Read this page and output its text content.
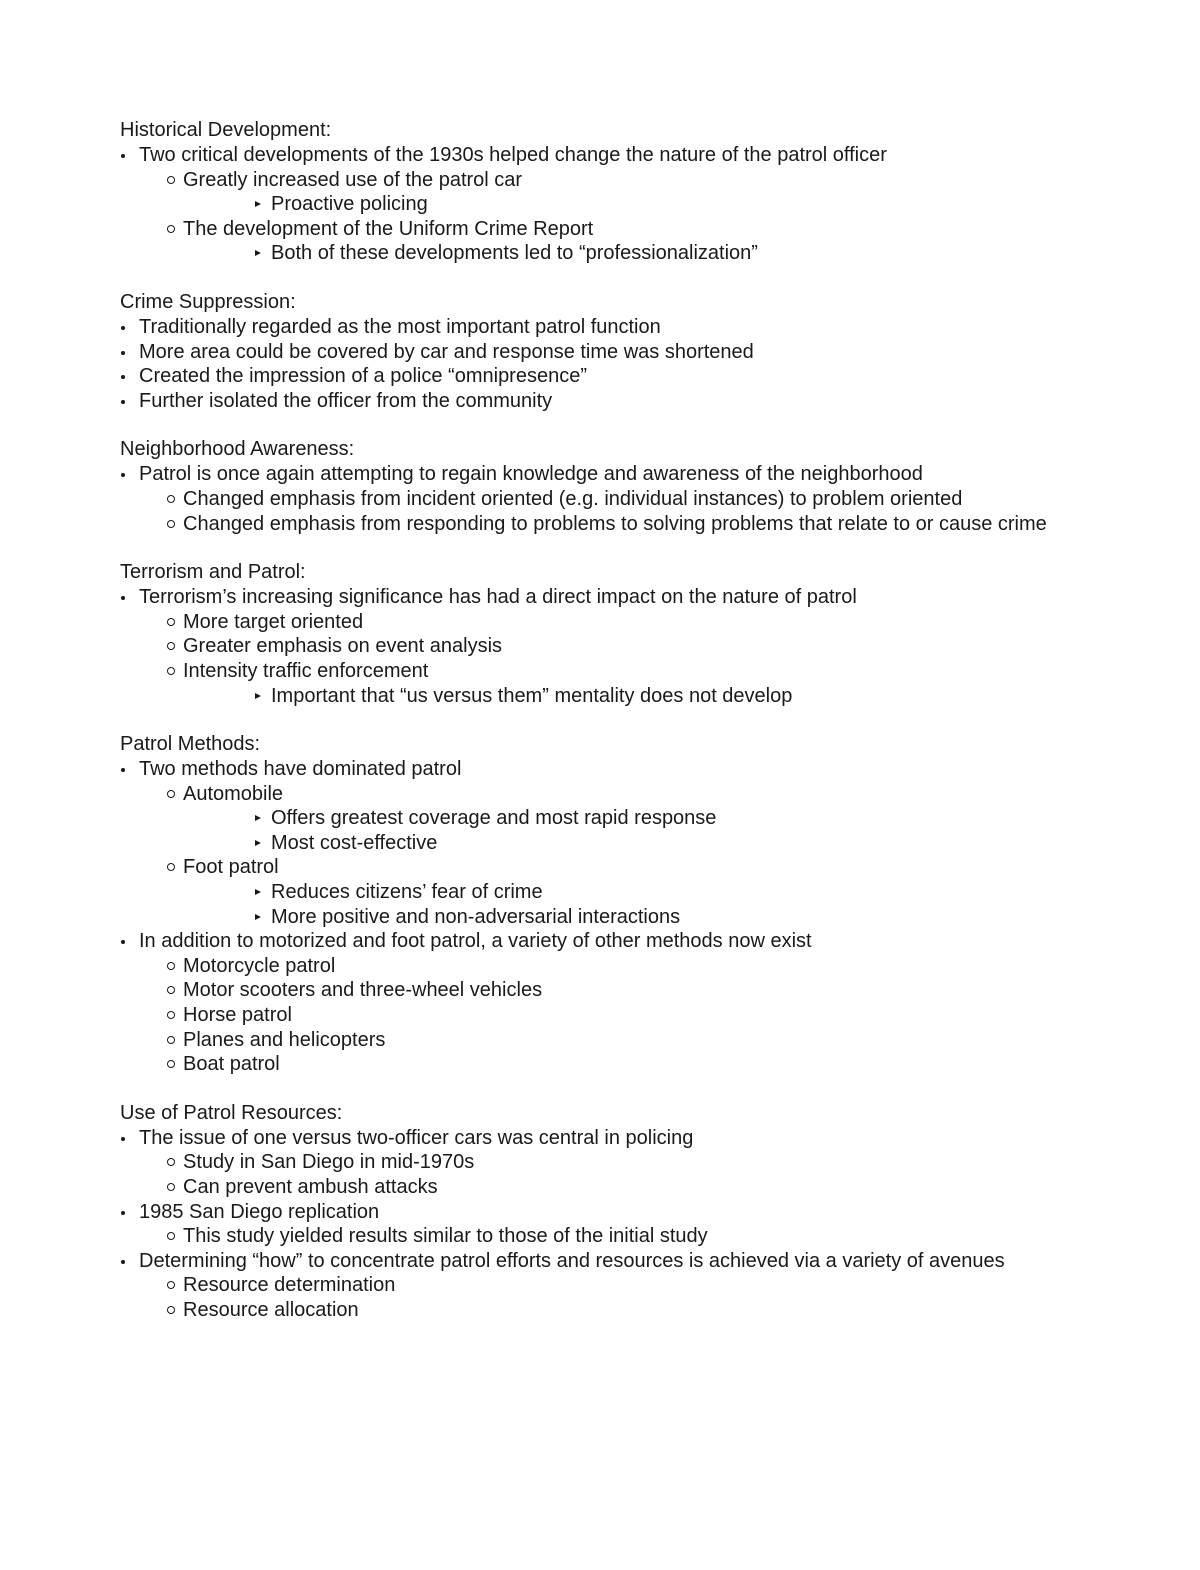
Historical Development:
Two critical developments of the 1930s helped change the nature of the patrol officer
Greatly increased use of the patrol car
Proactive policing
The development of the Uniform Crime Report
Both of these developments led to “professionalization”
Crime Suppression:
Traditionally regarded as the most important patrol function
More area could be covered by car and response time was shortened
Created the impression of a police “omnipresence”
Further isolated the officer from the community
Neighborhood Awareness:
Patrol is once again attempting to regain knowledge and awareness of the neighborhood
Changed emphasis from incident oriented (e.g. individual instances) to problem oriented
Changed emphasis from responding to problems to solving problems that relate to or cause crime
Terrorism and Patrol:
Terrorism’s increasing significance has had a direct impact on the nature of patrol
More target oriented
Greater emphasis on event analysis
Intensity traffic enforcement
Important that “us versus them” mentality does not develop
Patrol Methods:
Two methods have dominated patrol
Automobile
Offers greatest coverage and most rapid response
Most cost-effective
Foot patrol
Reduces citizens’ fear of crime
More positive and non-adversarial interactions
In addition to motorized and foot patrol, a variety of other methods now exist
Motorcycle patrol
Motor scooters and three-wheel vehicles
Horse patrol
Planes and helicopters
Boat patrol
Use of Patrol Resources:
The issue of one versus two-officer cars was central in policing
Study in San Diego in mid-1970s
Can prevent ambush attacks
1985 San Diego replication
This study yielded results similar to those of the initial study
Determining “how” to concentrate patrol efforts and resources is achieved via a variety of avenues
Resource determination
Resource allocation
